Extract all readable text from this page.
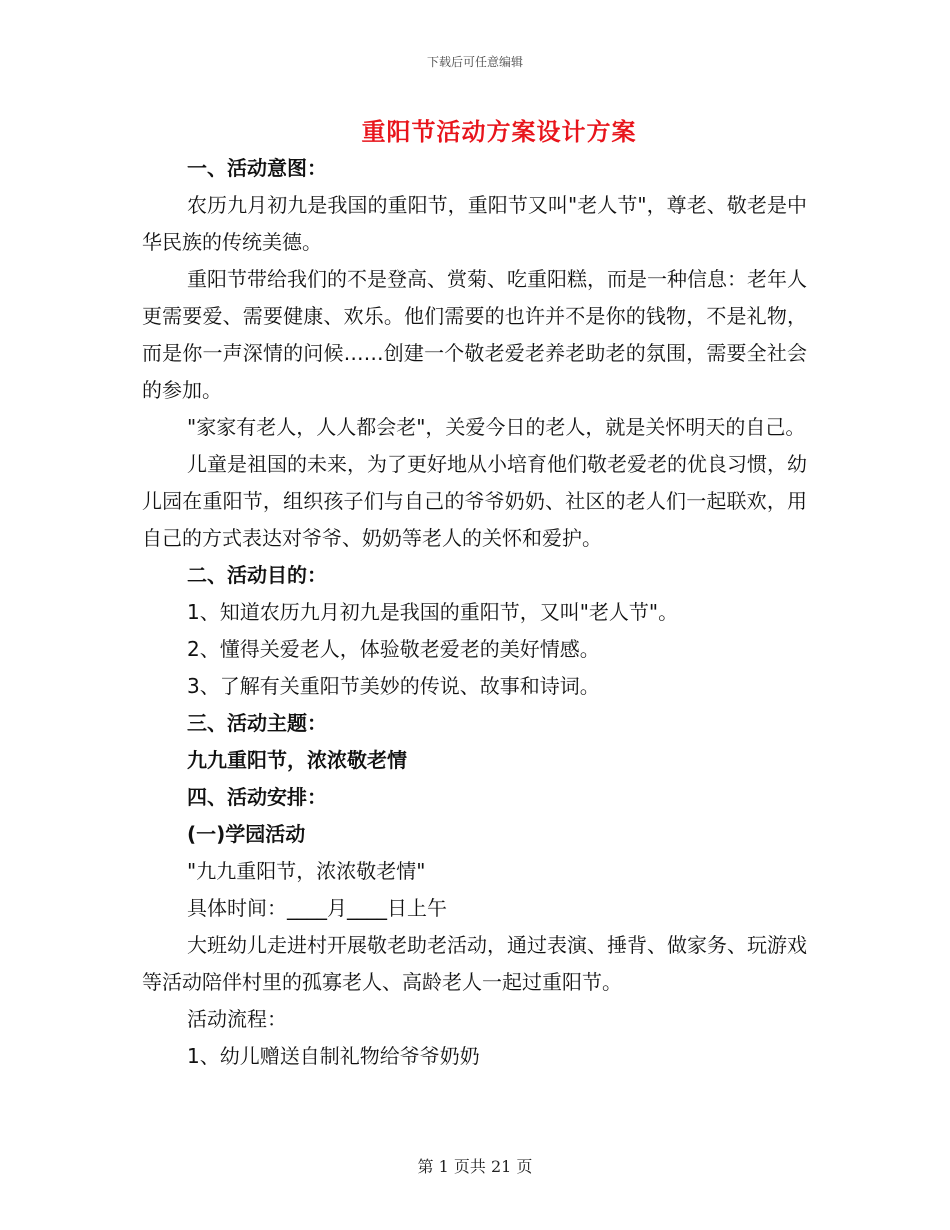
下载后可任意编辑
重阳节活动方案设计方案

一、活动意图：

农历九月初九是我国的重阳节，重阳节又叫"老人节"，尊老、敬老是中华民族的传统美德。

重阳节带给我们的不是登高、赏菊、吃重阳糕，而是一种信息：老年人更需要爱、需要健康、欢乐。他们需要的也许并不是你的钱物，不是礼物，而是你一声深情的问候……创建一个敬老爱老养老助老的氛围，需要全社会的参加。

"家家有老人，人人都会老"，关爱今日的老人，就是关怀明天的自己。

儿童是祖国的未来，为了更好地从小培育他们敬老爱老的优良习惯，幼儿园在重阳节，组织孩子们与自己的爷爷奶奶、社区的老人们一起联欢，用自己的方式表达对爷爷、奶奶等老人的关怀和爱护。

二、活动目的：

1、知道农历九月初九是我国的重阳节，又叫"老人节"。

2、懂得关爱老人，体验敬老爱老的美好情感。

3、了解有关重阳节美妙的传说、故事和诗词。

三、活动主题：

九九重阳节，浓浓敬老情

四、活动安排：

(一)学园活动

"九九重阳节，浓浓敬老情"

具体时间：____月____日上午

大班幼儿走进村开展敬老助老活动，通过表演、捶背、做家务、玩游戏等活动陪伴村里的孤寡老人、高龄老人一起过重阳节。

活动流程：

1、幼儿赠送自制礼物给爷爷奶奶

第 1 页共 21 页
